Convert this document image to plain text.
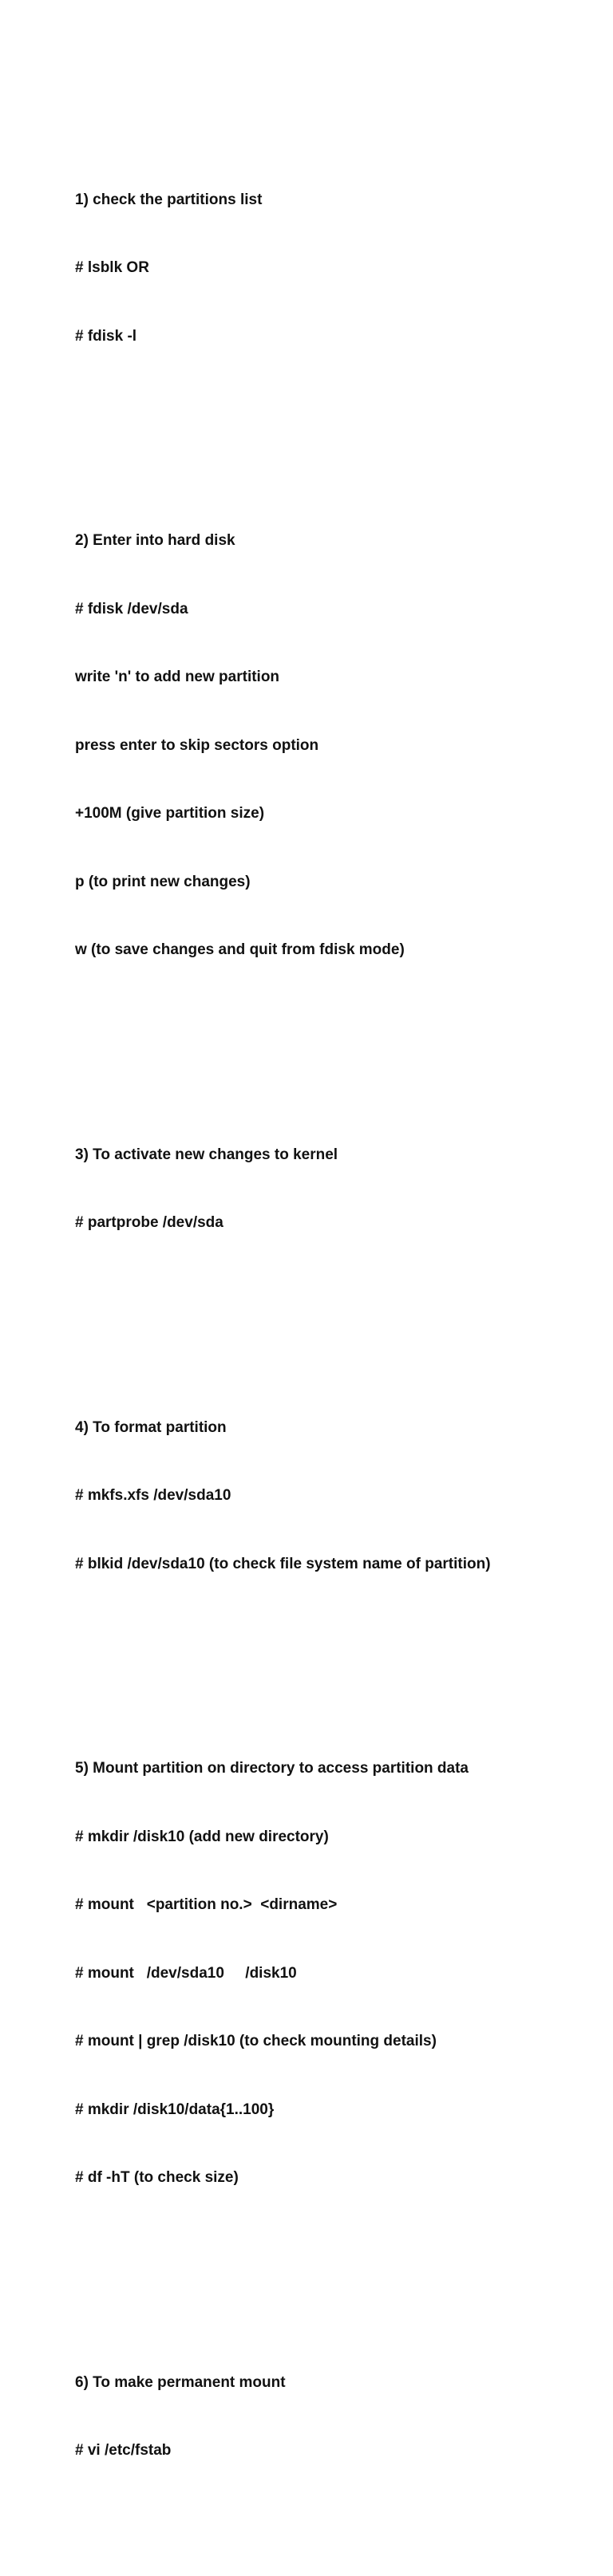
1) check the partitions list

# lsblk OR

# fdisk -l

2) Enter into hard disk

# fdisk /dev/sda

write 'n' to add new partition

press enter to skip sectors option

+100M (give partition size)

p (to print new changes)

w (to save changes and quit from fdisk mode)

3) To activate new changes to kernel

# partprobe /dev/sda

4) To format partition

# mkfs.xfs /dev/sda10

# blkid /dev/sda10 (to check file system name of partition)

5) Mount partition on directory to access partition data

# mkdir /disk10 (add new directory)

# mount   <partition no.>  <dirname>

# mount   /dev/sda10     /disk10

# mount | grep /disk10 (to check mounting details)

# mkdir /disk10/data{1..100}

# df -hT (to check size)

6) To make permanent mount

# vi /etc/fstab
